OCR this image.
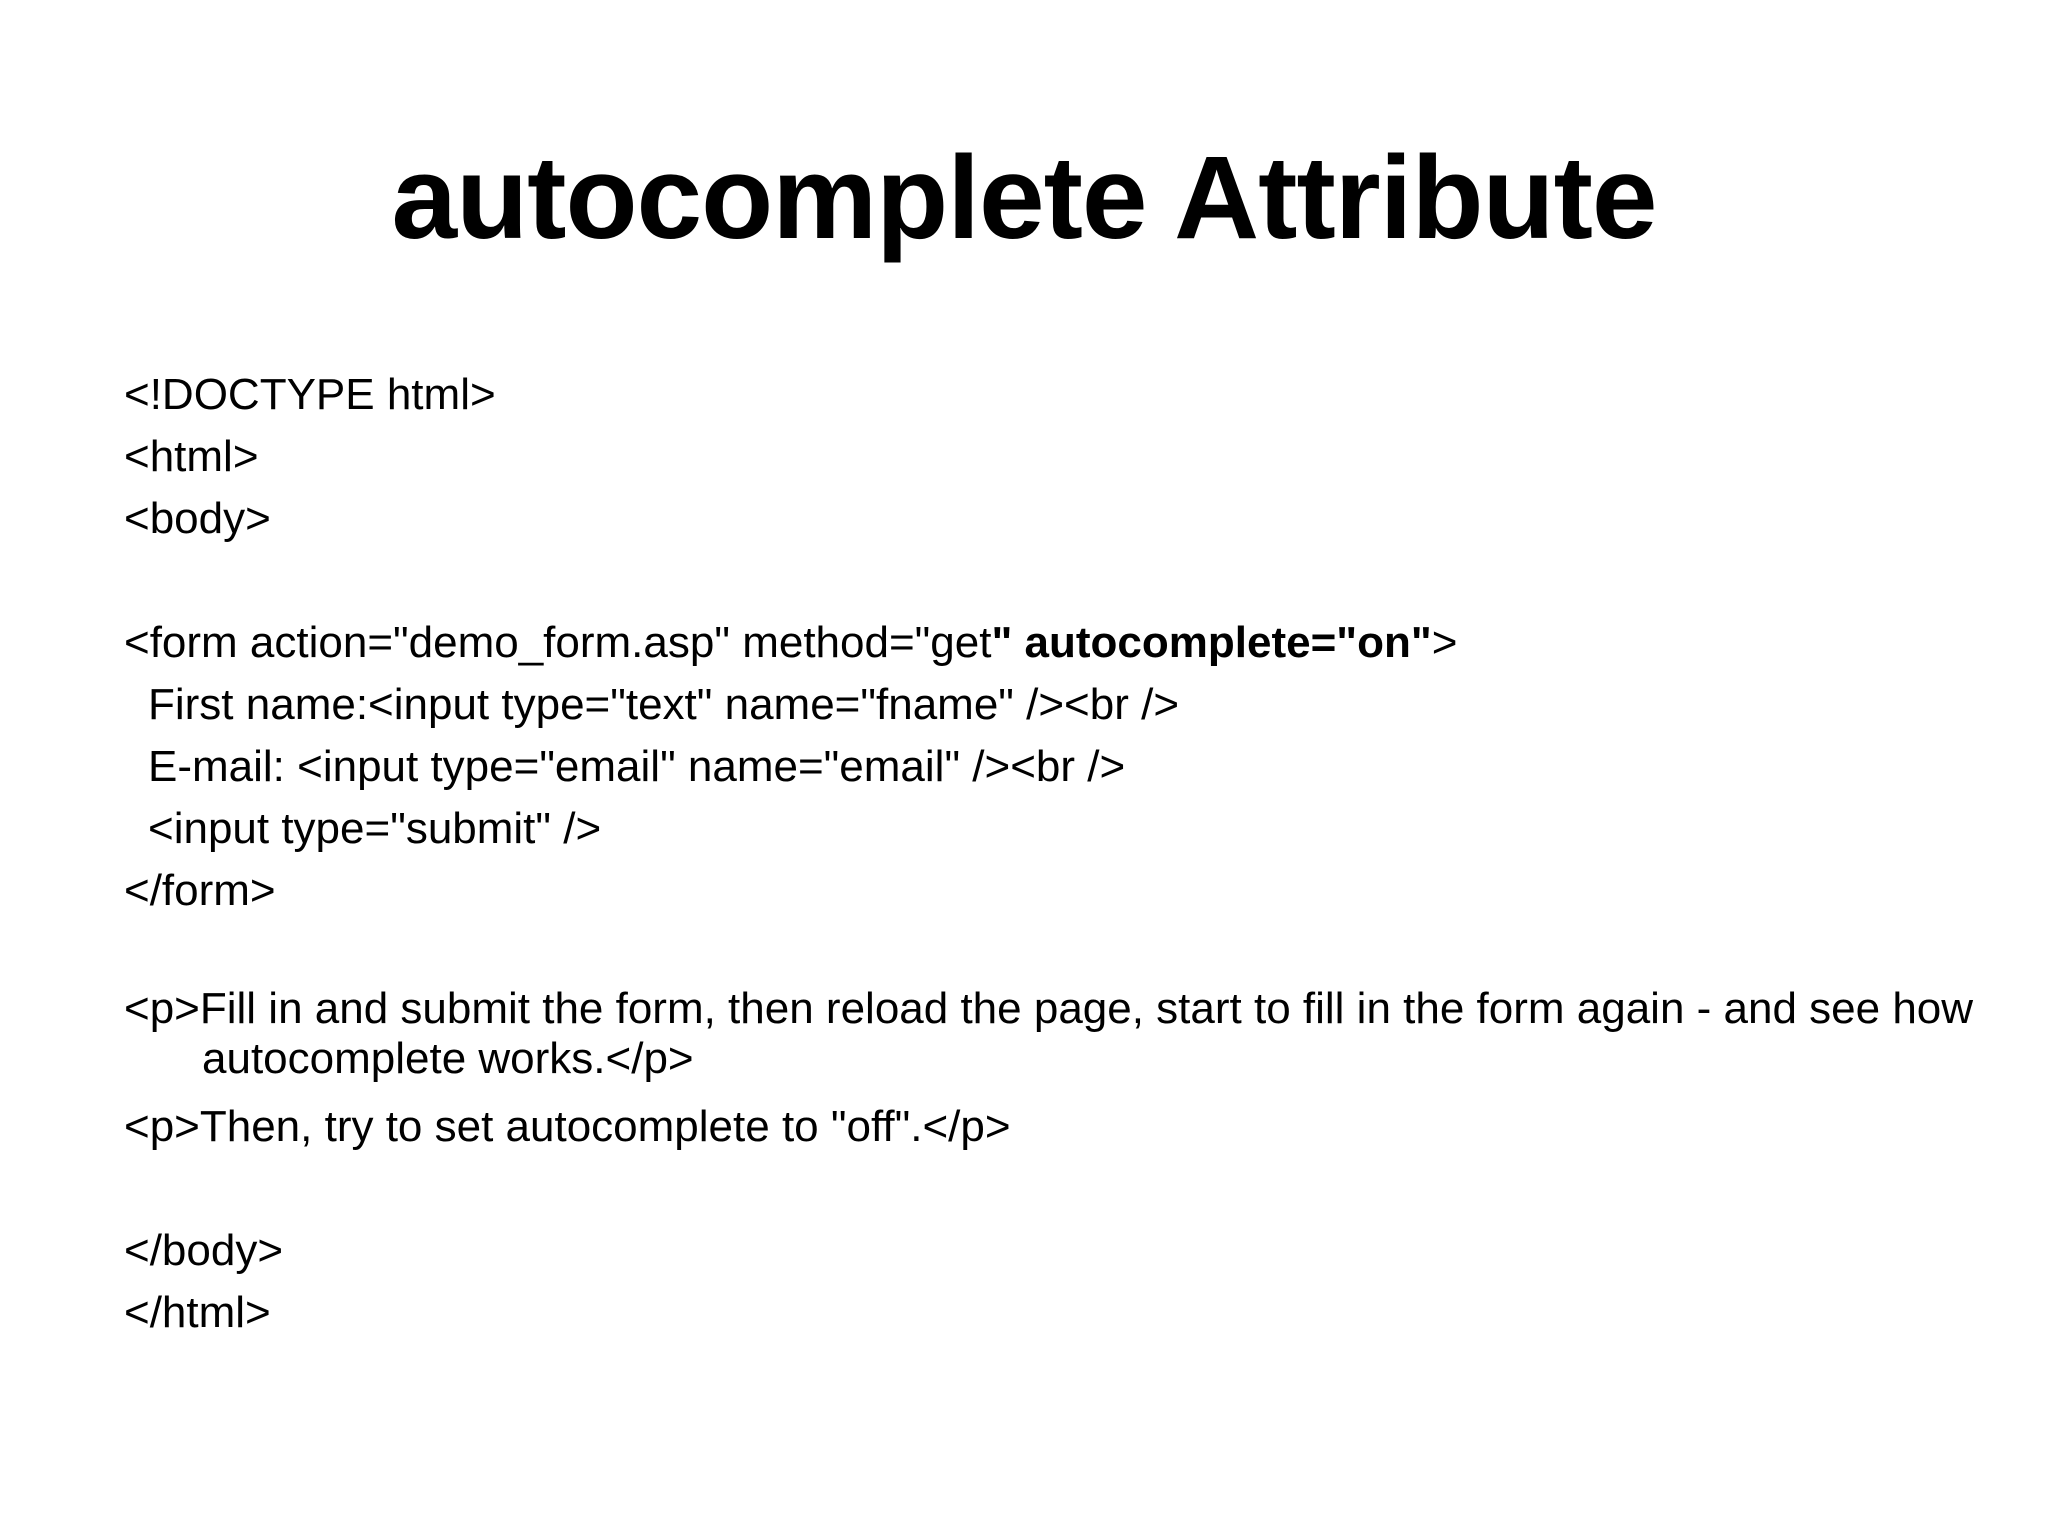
autocomplete Attribute
<!DOCTYPE html>
<html>
<body>
<form action="demo_form.asp" method="get" autocomplete="on">
First name:<input type="text" name="fname" /><br />
E-mail: <input type="email" name="email" /><br />
<input type="submit" />
</form>
<p>Fill in and submit the form, then reload the page, start to fill in the form again - and see how autocomplete works.</p>
<p>Then, try to set autocomplete to "off".</p>
</body>
</html>
